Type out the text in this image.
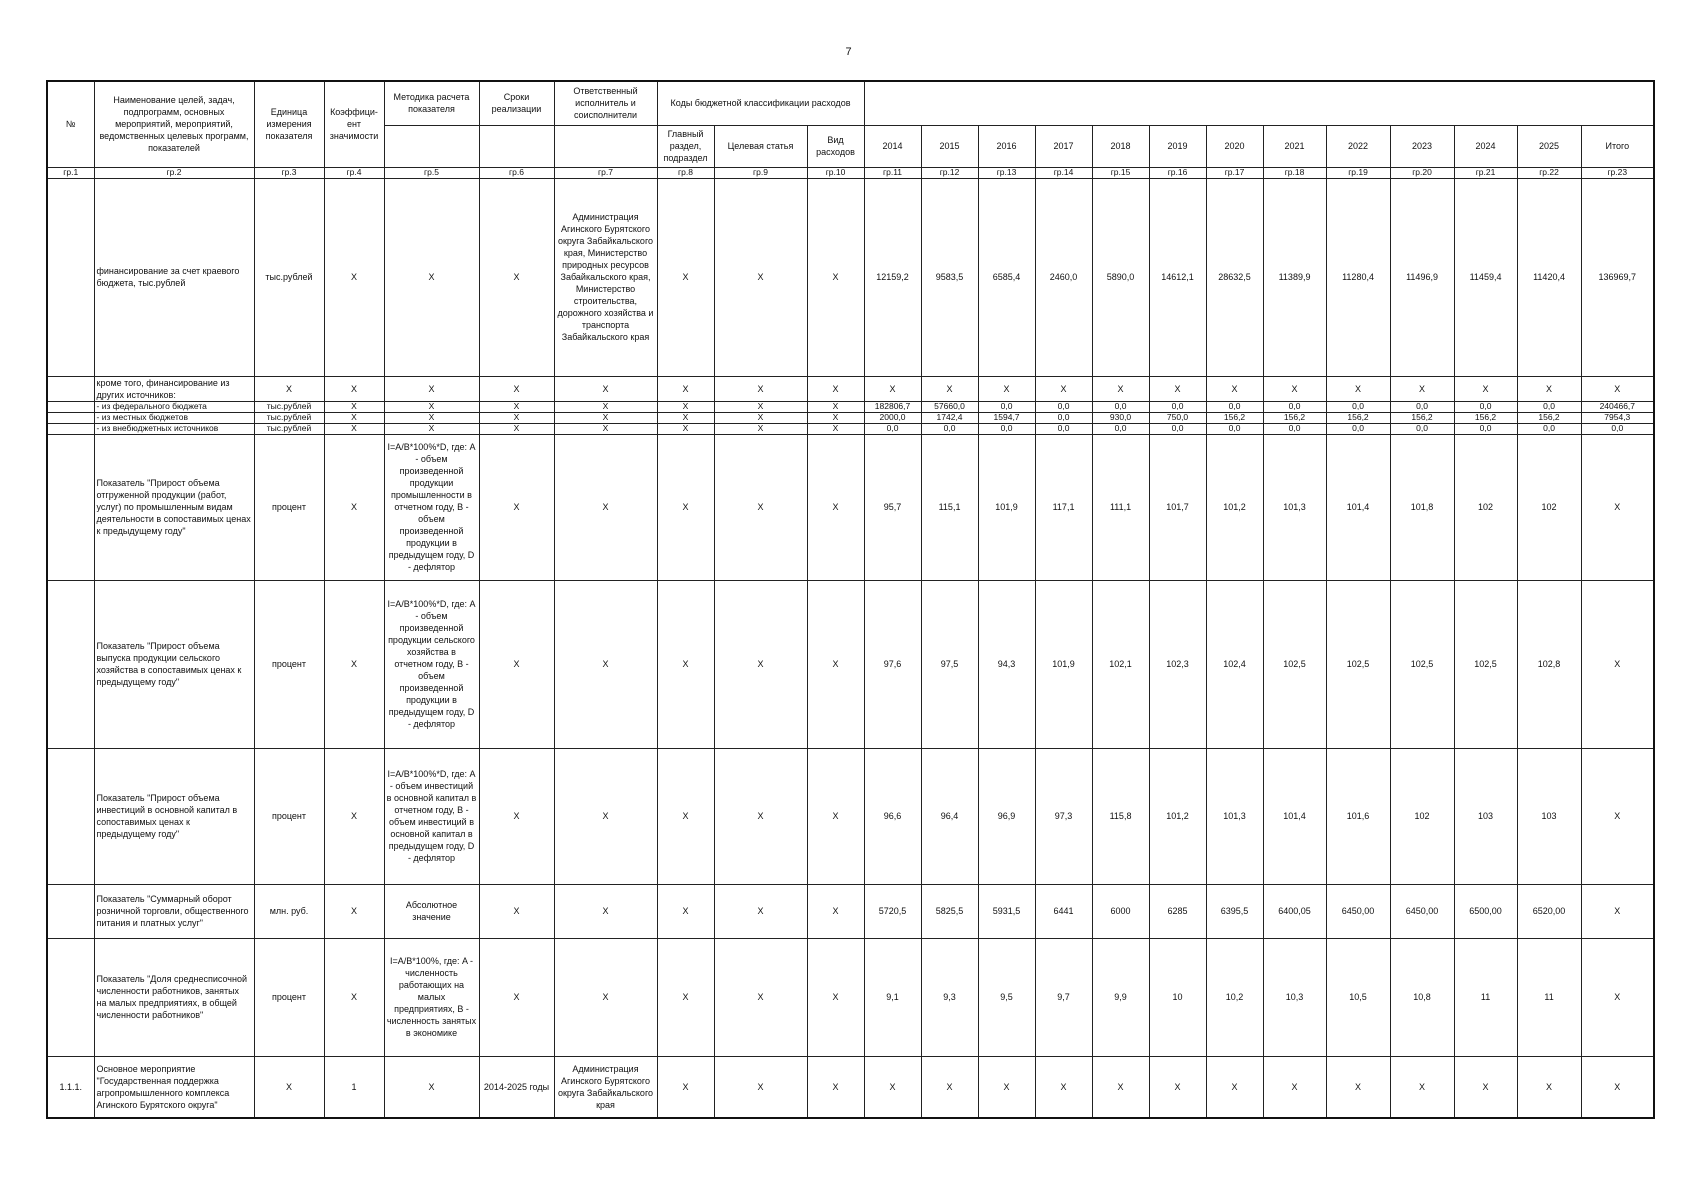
7
№	Наименование целей, задач, подпрограмм, основных мероприятий, мероприятий, ведомственных целевых программ, показателей	Единица измерения показателя	Коэффици-ент значимости	Методика расчета показателя	Сроки реализации	Ответственный исполнитель и соисполнители	Коды бюджетной классификации расходов															
							Главный раздел, подраздел	Целевая статья	Вид расходов	2014	2015	2016	2017	2018	2019	2020	2021	2022	2023	2024	2025	Итого
гр.1	гр.2	гр.3	гр.4	гр.5	гр.6	гр.7	гр.8	гр.9	гр.10	гр.11	гр.12	гр.13	гр.14	гр.15	гр.16	гр.17	гр.18	гр.19	гр.20	гр.21	гр.22	гр.23
	финансирование за счет краевого бюджета, тыс.рублей	тыс.рублей	X	X	X	Администрация Агинского Бурятского округа Забайкальского края, Министерство природных ресурсов Забайкальского края, Министерство строительства, дорожного хозяйства и транспорта Забайкальского края	X	X	X	12159,2	9583,5	6585,4	2460,0	5890,0	14612,1	28632,5	11389,9	11280,4	11496,9	11459,4	11420,4	136969,7
	кроме того, финансирование из других источников:	X	X	X	X	X	X	X	X	X	X	X	X	X	X	X	X	X	X	X	X	X
	- из федерального бюджета	тыс.рублей	X	X	X	X	X	X	X	182806,7	57660,0	0,0	0,0	0,0	0,0	0,0	0,0	0,0	0,0	0,0	0,0	240466,7
	- из местных бюджетов	тыс.рублей	X	X	X	X	X	X	X	2000,0	1742,4	1594,7	0,0	930,0	750,0	156,2	156,2	156,2	156,2	156,2	156,2	7954,3
	- из внебюджетных источников	тыс.рублей	X	X	X	X	X	X	X	0,0	0,0	0,0	0,0	0,0	0,0	0,0	0,0	0,0	0,0	0,0	0,0	0,0
	Показатель "Прирост объема отгруженной продукции (работ, услуг) по промышленным видам деятельности в сопоставимых ценах к предыдущему году"	процент	X	I=A/B*100%*D, где: A - объем произведенной продукции промышленности в отчетном году, B - объем произведенной продукции в предыдущем году, D - дефлятор	X	X	X	X	X	95,7	115,1	101,9	117,1	111,1	101,7	101,2	101,3	101,4	101,8	102	102	X
	Показатель "Прирост объема выпуска продукции сельского хозяйства в сопоставимых ценах к предыдущему году"	процент	X	I=A/B*100%*D, где: A - объем произведенной продукции сельского хозяйства в отчетном году, B - объем произведенной продукции в предыдущем году, D - дефлятор	X	X	X	X	X	97,6	97,5	94,3	101,9	102,1	102,3	102,4	102,5	102,5	102,5	102,5	102,8	X
	Показатель "Прирост объема инвестиций в основной капитал в сопоставимых ценах к предыдущему году"	процент	X	I=A/B*100%*D, где: A - объем инвестиций в основной капитал в отчетном году, B - объем инвестиций в основной капитал в предыдущем году, D - дефлятор	X	X	X	X	X	96,6	96,4	96,9	97,3	115,8	101,2	101,3	101,4	101,6	102	103	103	X
	Показатель "Суммарный оборот розничной торговли, общественного питания и платных услуг"	млн. руб.	X	Абсолютное значение	X	X	X	X	X	5720,5	5825,5	5931,5	6441	6000	6285	6395,5	6400,05	6450,00	6450,00	6500,00	6520,00	X
	Показатель "Доля среднесписочной численности работников, занятых на малых предприятиях, в общей численности работников"	процент	X	I=A/B*100%, где: A - численность работающих на малых предприятиях, B - численность занятых в экономике	X	X	X	X	X	9,1	9,3	9,5	9,7	9,9	10	10,2	10,3	10,5	10,8	11	11	X
1.1.1.	Основное мероприятие "Государственная поддержка агропромышленного комплекса Агинского Бурятского округа"	X	1	X	2014-2025 годы	Администрация Агинского Бурятского округа Забайкальского края	X	X	X	X	X	X	X	X	X	X	X	X	X	X	X	X
